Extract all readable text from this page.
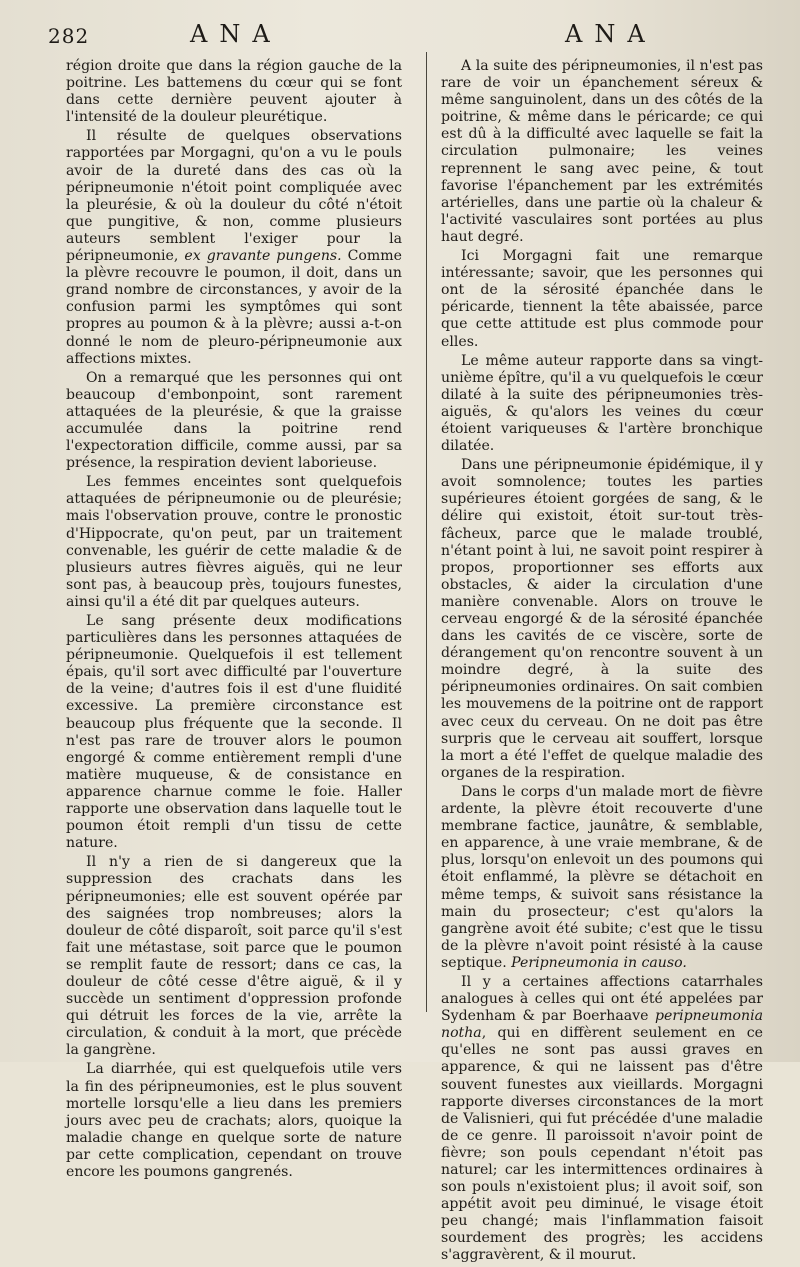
282	ANA	ANA

région droite que dans la région gauche de la poitrine. Les battemens du cœur qui se font dans cette dernière peuvent ajouter à l'intensité de la douleur pleurétique.

Il résulte de quelques observations rapportées par Morgagni, qu'on a vu le pouls avoir de la dureté dans des cas où la péripneumonie n'étoit point compliquée avec la pleurésie, & où la douleur du côté n'étoit que pungitive, & non, comme plusieurs auteurs semblent l'exiger pour la péripneumonie, ex gravante pungens. Comme la plèvre recouvre le poumon, il doit, dans un grand nombre de circonstances, y avoir de la confusion parmi les symptômes qui sont propres au poumon & à la plèvre; aussi a-t-on donné le nom de pleuro-péripneumonie aux affections mixtes.

On a remarqué que les personnes qui ont beaucoup d'embonpoint, sont rarement attaquées de la pleurésie, & que la graisse accumulée dans la poitrine rend l'expectoration difficile, comme aussi, par sa présence, la respiration devient laborieuse.

Les femmes enceintes sont quelquefois attaquées de péripneumonie ou de pleurésie; mais l'observation prouve, contre le pronostic d'Hippocrate, qu'on peut, par un traitement convenable, les guérir de cette maladie & de plusieurs autres fièvres aiguës, qui ne leur sont pas, à beaucoup près, toujours funestes, ainsi qu'il a été dit par quelques auteurs.

Le sang présente deux modifications particulières dans les personnes attaquées de péripneumonie. Quelquefois il est tellement épais, qu'il sort avec difficulté par l'ouverture de la veine; d'autres fois il est d'une fluidité excessive. La première circonstance est beaucoup plus fréquente que la seconde. Il n'est pas rare de trouver alors le poumon engorgé & comme entièrement rempli d'une matière muqueuse, & de consistance en apparence charnue comme le foie. Haller rapporte une observation dans laquelle tout le poumon étoit rempli d'un tissu de cette nature.

Il n'y a rien de si dangereux que la suppression des crachats dans les péripneumonies; elle est souvent opérée par des saignées trop nombreuses; alors la douleur de côté disparoît, soit parce qu'il s'est fait une métastase, soit parce que le poumon se remplit faute de ressort; dans ce cas, la douleur de côté cesse d'être aiguë, & il y succède un sentiment d'oppression profonde qui détruit les forces de la vie, arrête la circulation, & conduit à la mort, que précède la gangrène.

La diarrhée, qui est quelquefois utile vers la fin des péripneumonies, est le plus souvent mortelle lorsqu'elle a lieu dans les premiers jours avec peu de crachats; alors, quoique la maladie change en quelque sorte de nature par cette complication, cependant on trouve encore les poumons gangrenés.

A la suite des péripneumonies, il n'est pas rare de voir un épanchement séreux & même sanguinolent, dans un des côtés de la poitrine, & même dans le péricarde; ce qui est dû à la difficulté avec laquelle se fait la circulation pulmonaire; les veines reprennent le sang avec peine, & tout favorise l'épanchement par les extrémités artérielles, dans une partie où la chaleur & l'activité vasculaires sont portées au plus haut degré.

Ici Morgagni fait une remarque intéressante; savoir, que les personnes qui ont de la sérosité épanchée dans le péricarde, tiennent la tête abaissée, parce que cette attitude est plus commode pour elles.

Le même auteur rapporte dans sa vingt-unième épître, qu'il a vu quelquefois le cœur dilaté à la suite des péripneumonies très-aiguës, & qu'alors les veines du cœur étoient variqueuses & l'artère bronchique dilatée.

Dans une péripneumonie épidémique, il y avoit somnolence; toutes les parties supérieures étoient gorgées de sang, & le délire qui existoit, étoit sur-tout très-fâcheux, parce que le malade troublé, n'étant point à lui, ne savoit point respirer à propos, proportionner ses efforts aux obstacles, & aider la circulation d'une manière convenable. Alors on trouve le cerveau engorgé & de la sérosité épanchée dans les cavités de ce viscère, sorte de dérangement qu'on rencontre souvent à un moindre degré, à la suite des péripneumonies ordinaires. On sait combien les mouvemens de la poitrine ont de rapport avec ceux du cerveau. On ne doit pas être surpris que le cerveau ait souffert, lorsque la mort a été l'effet de quelque maladie des organes de la respiration.

Dans le corps d'un malade mort de fièvre ardente, la plèvre étoit recouverte d'une membrane factice, jaunâtre, & semblable, en apparence, à une vraie membrane, & de plus, lorsqu'on enlevoit un des poumons qui étoit enflammé, la plèvre se détachoit en même temps, & suivoit sans résistance la main du prosecteur; c'est qu'alors la gangrène avoit été subite; c'est que le tissu de la plèvre n'avoit point résisté à la cause septique. Peripneumonia in causo.

Il y a certaines affections catarrhales analogues à celles qui ont été appelées par Sydenham & par Boerhaave peripneumonia notha, qui en diffèrent seulement en ce qu'elles ne sont pas aussi graves en apparence, & qui ne laissent pas d'être souvent funestes aux vieillards. Morgagni rapporte diverses circonstances de la mort de Valisnieri, qui fut précédée d'une maladie de ce genre. Il paroissoit n'avoir point de fièvre; son pouls cependant n'étoit pas naturel; car les intermittences ordinaires à son pouls n'existoient plus; il avoit soif, son appétit avoit peu diminué, le visage étoit peu changé; mais l'inflammation faisoit sourdement des progrès; les accidens s'aggravèrent, & il mourut.
